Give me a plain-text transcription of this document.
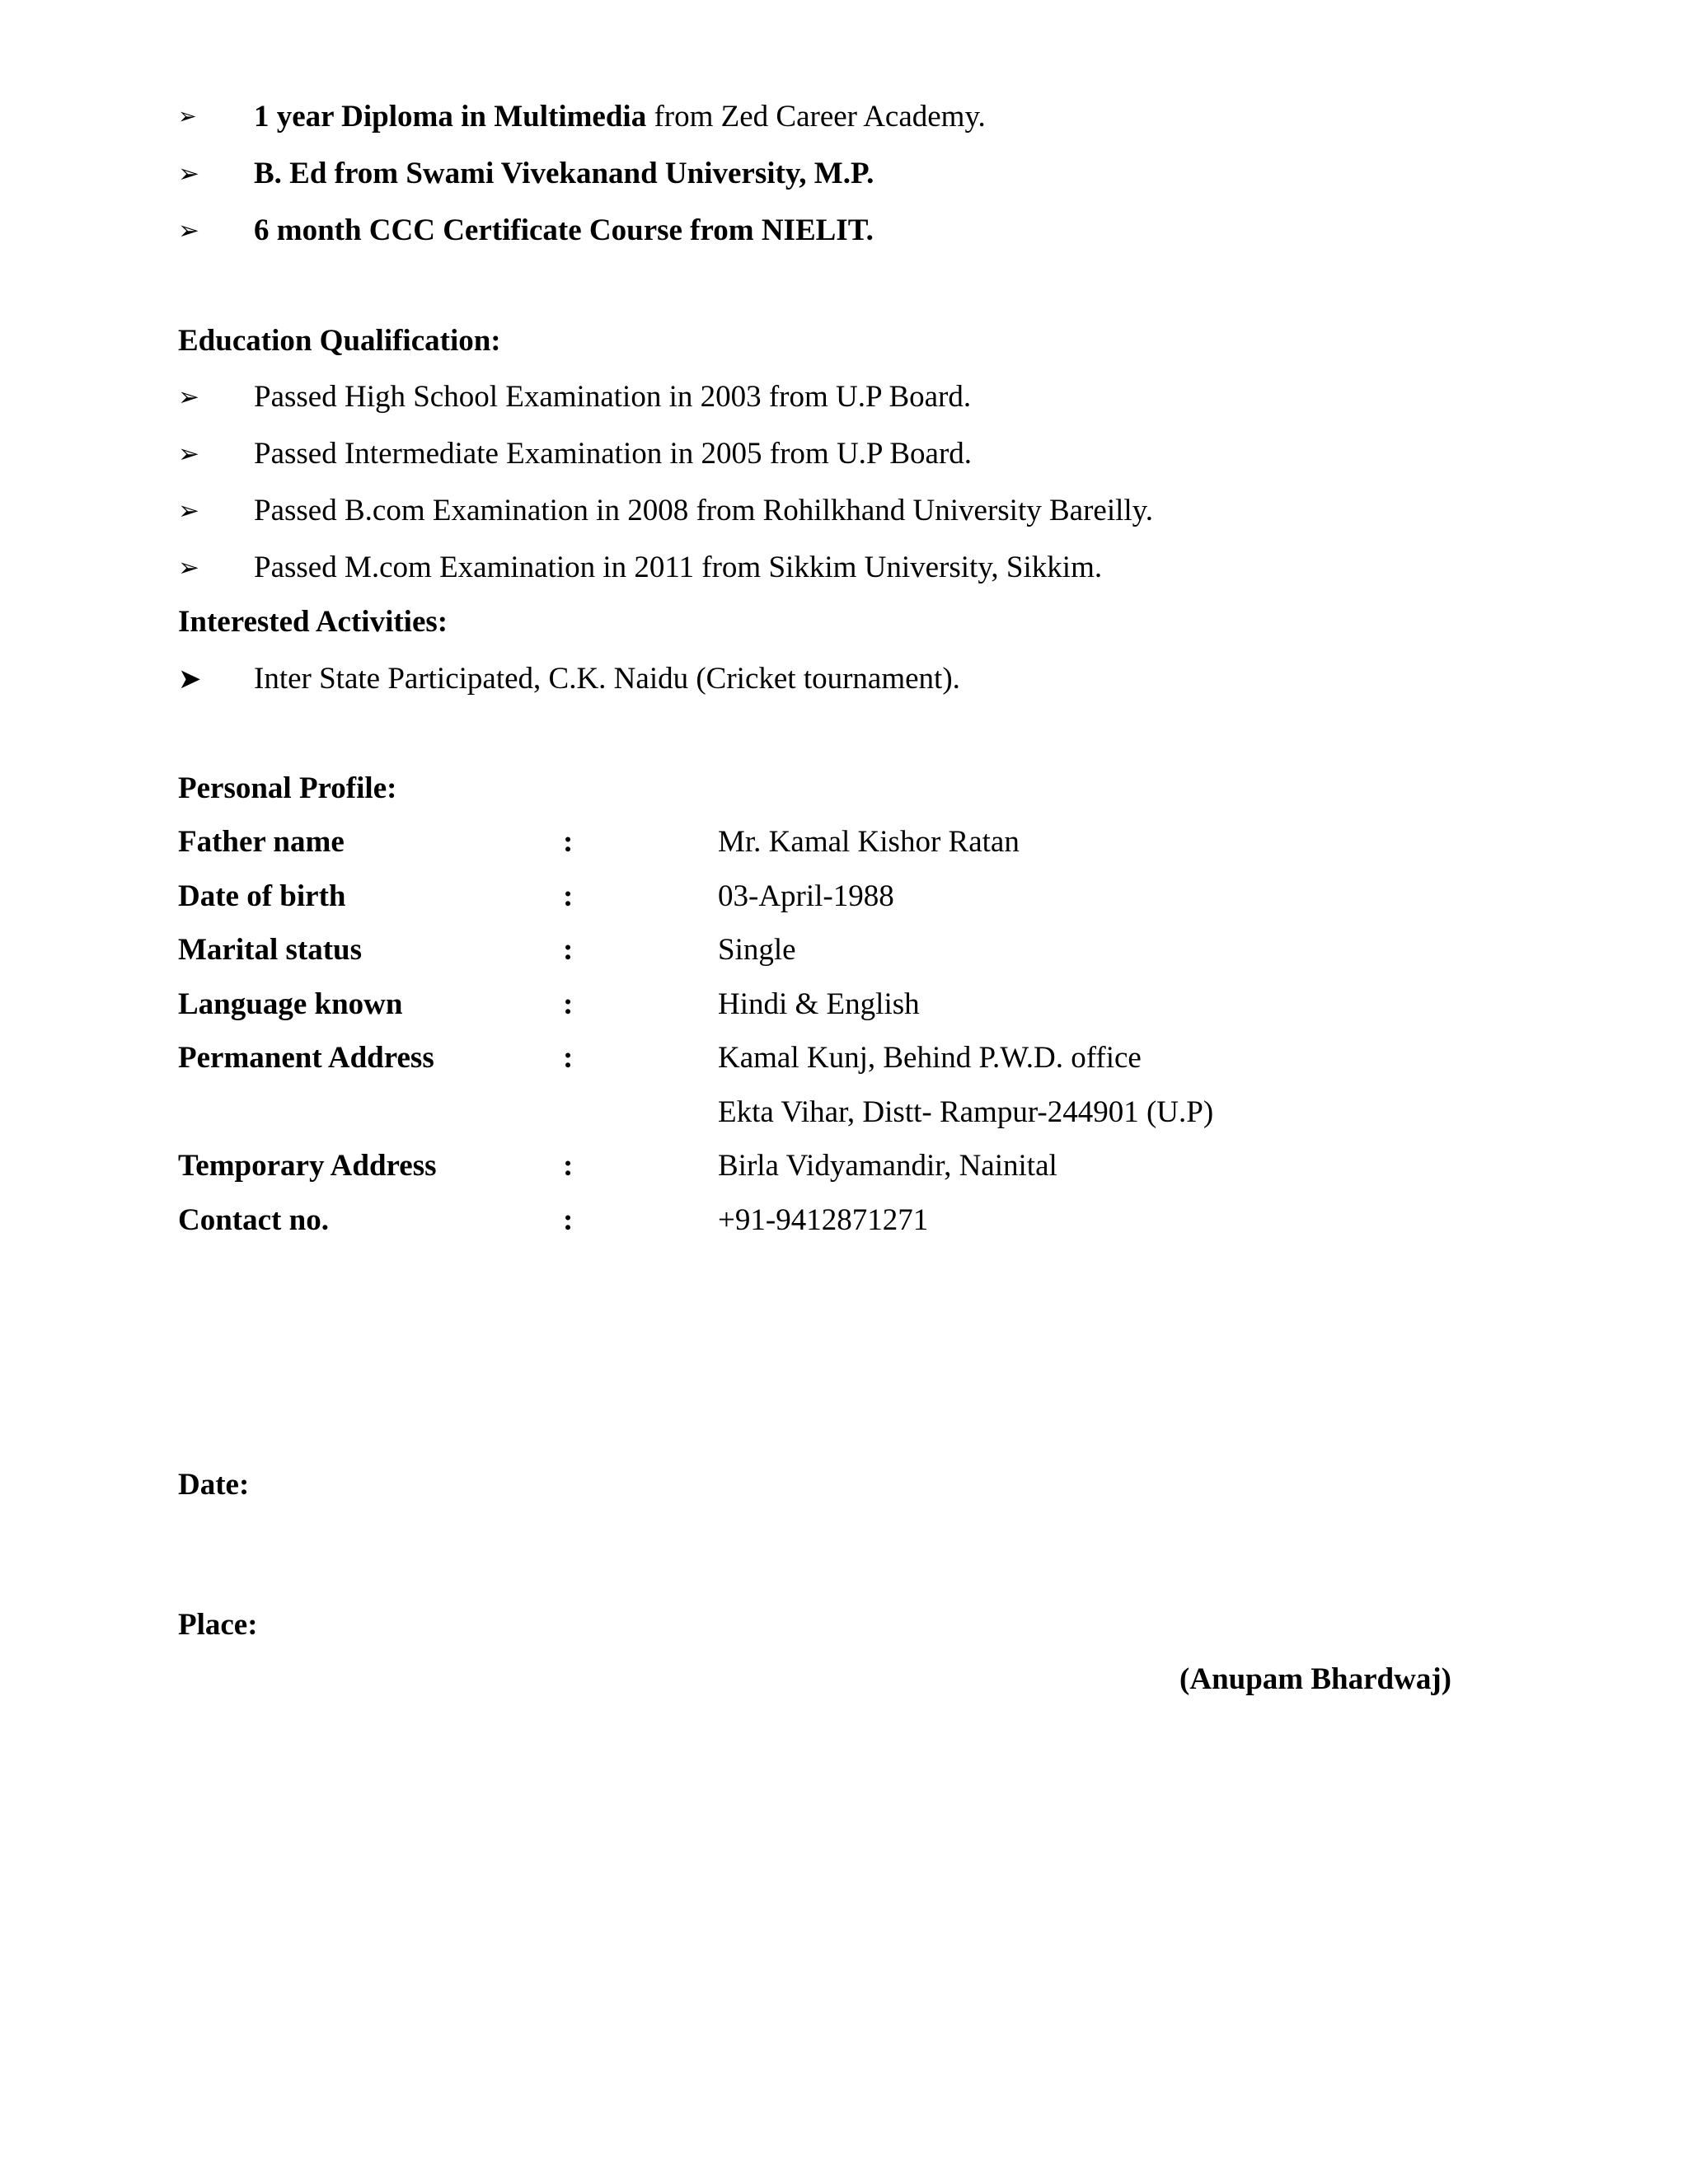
➢ 1 year Diploma in Multimedia from Zed Career Academy.
➢ B. Ed from Swami Vivekanand University, M.P.
➢ 6 month CCC Certificate Course from NIELIT.
Education Qualification:
➢ Passed High School Examination in 2003 from U.P Board.
➢ Passed Intermediate Examination in 2005 from U.P Board.
➢ Passed B.com Examination in 2008 from Rohilkhand University Bareilly.
➢ Passed M.com Examination in 2011 from Sikkim University, Sikkim.
Interested Activities:
➤ Inter State Participated, C.K. Naidu (Cricket tournament).
Personal Profile:
Father name	:	Mr. Kamal Kishor Ratan
Date of birth	:	03-April-1988
Marital status	:	Single
Language known	:	Hindi & English
Permanent Address	:	Kamal Kunj, Behind P.W.D. office
Ekta Vihar, Distt- Rampur-244901 (U.P)
Temporary Address	:	Birla Vidyamandir, Nainital
Contact no.	:	+91-9412871271
Date:
Place:
(Anupam Bhardwaj)
